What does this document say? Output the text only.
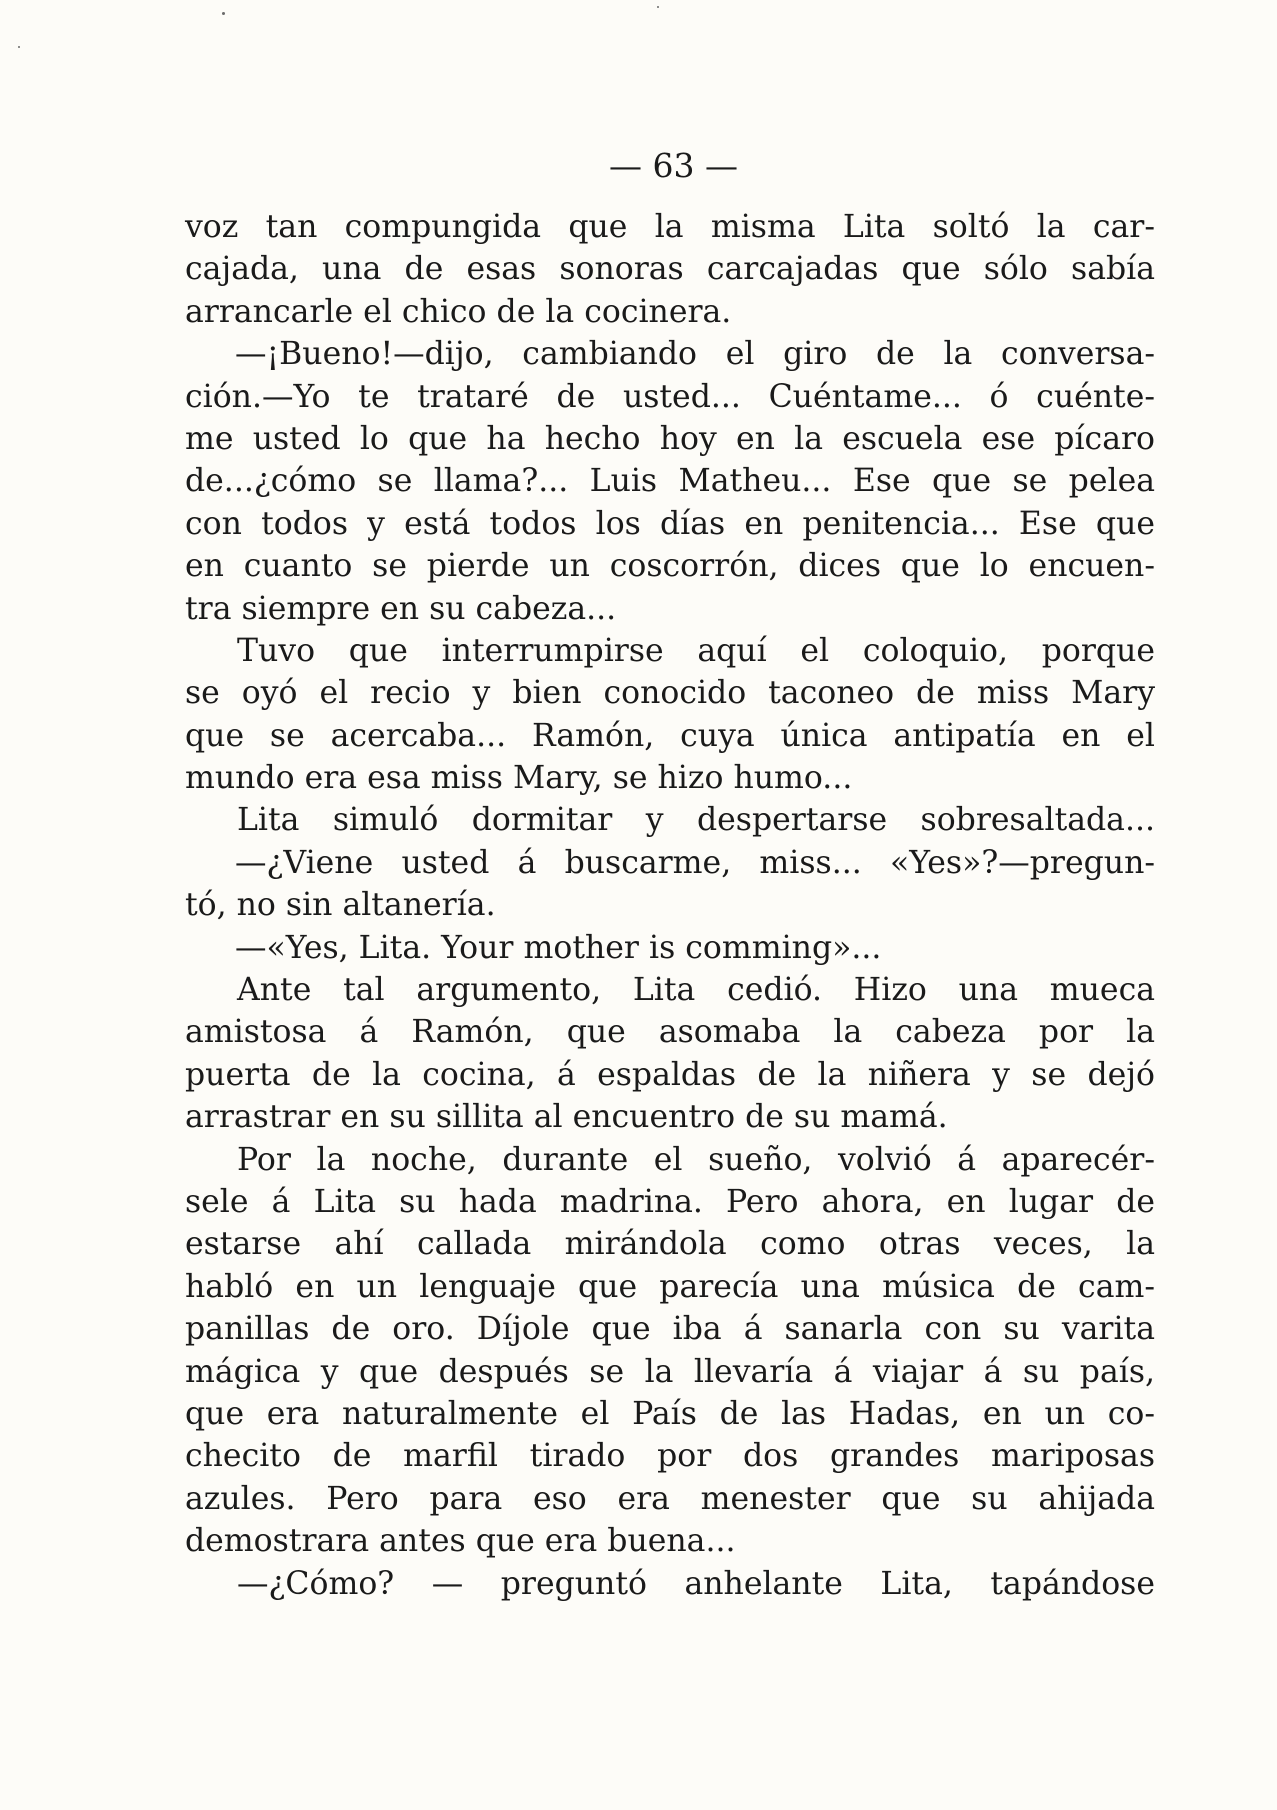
— 63 —
voz tan compungida que la misma Lita soltó la car-
cajada, una de esas sonoras carcajadas que sólo sabía
arrancarle el chico de la cocinera.
—¡Bueno!—dijo, cambiando el giro de la conversa-
ción.—Yo te trataré de usted... Cuéntame... ó cuénte-
me usted lo que ha hecho hoy en la escuela ese pícaro
de...¿cómo se llama?... Luis Matheu... Ese que se pelea
con todos y está todos los días en penitencia... Ese que
en cuanto se pierde un coscorrón, dices que lo encuen-
tra siempre en su cabeza...
Tuvo que interrumpirse aquí el coloquio, porque
se oyó el recio y bien conocido taconeo de miss Mary
que se acercaba... Ramón, cuya única antipatía en el
mundo era esa miss Mary, se hizo humo...
Lita simuló dormitar y despertarse sobresaltada...
—¿Viene usted á buscarme, miss... «Yes»?—pregun-
tó, no sin altanería.
—«Yes, Lita. Your mother is comming»...
Ante tal argumento, Lita cedió. Hizo una mueca
amistosa á Ramón, que asomaba la cabeza por la
puerta de la cocina, á espaldas de la niñera y se dejó
arrastrar en su sillita al encuentro de su mamá.
Por la noche, durante el sueño, volvió á aparecér-
sele á Lita su hada madrina. Pero ahora, en lugar de
estarse ahí callada mirándola como otras veces, la
habló en un lenguaje que parecía una música de cam-
panillas de oro. Díjole que iba á sanarla con su varita
mágica y que después se la llevaría á viajar á su país,
que era naturalmente el País de las Hadas, en un co-
checito de marfil tirado por dos grandes mariposas
azules. Pero para eso era menester que su ahijada
demostrara antes que era buena...
—¿Cómo? — preguntó anhelante Lita, tapándose
